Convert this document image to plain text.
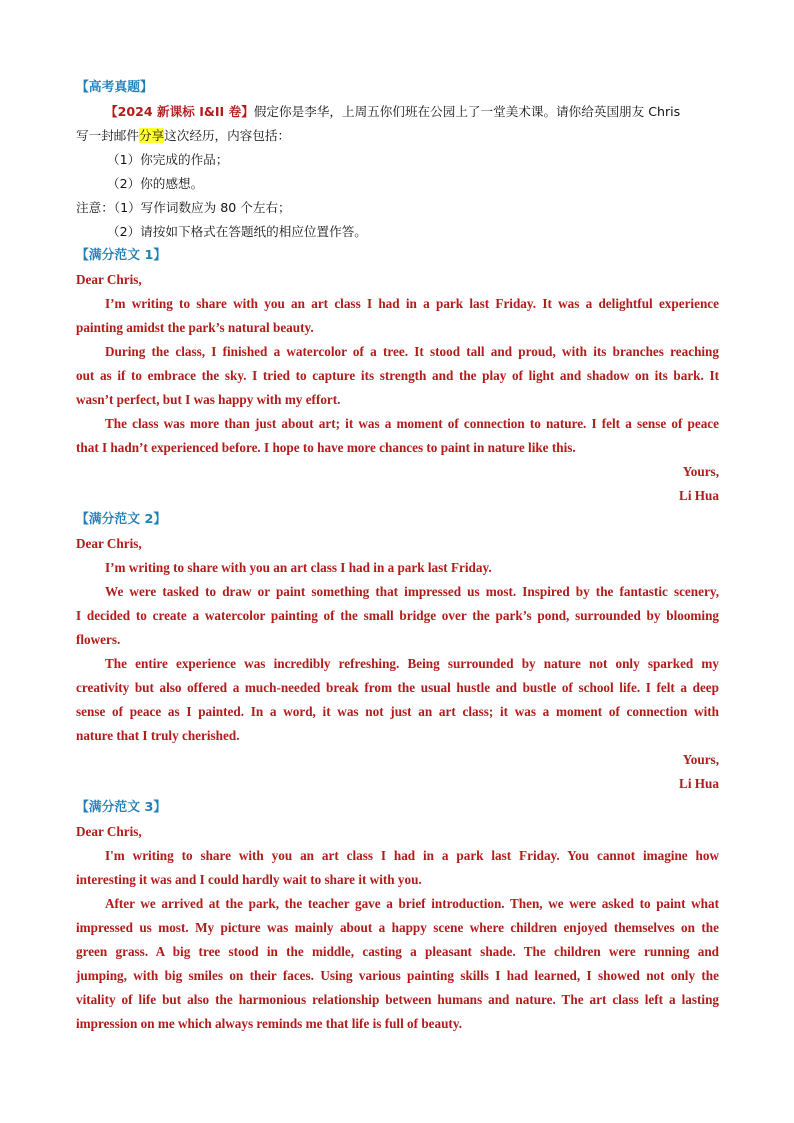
【高考真题】
【2024 新课标 I&II 卷】假定你是李华，上周五你们班在公园上了一堂美术课。请你给英国朋友 Chris
写一封邮件分享这次经历，内容包括：
（1）你完成的作品；
（2）你的感想。
注意：（1）写作词数应为 80 个左右；
（2）请按如下格式在答题纸的相应位置作答。
【满分范文 1】
Dear Chris,
I’m writing to share with you an art class I had in a park last Friday. It was a delightful experience
painting amidst the park’s natural beauty.
During the class, I finished a watercolor of a tree. It stood tall and proud, with its branches reaching
out as if to embrace the sky. I tried to capture its strength and the play of light and shadow on its bark. It
wasn’t perfect, but I was happy with my effort.
The class was more than just about art; it was a moment of connection to nature. I felt a sense of peace
that I hadn’t experienced before. I hope to have more chances to paint in nature like this.
Yours,
Li Hua
【满分范文 2】
Dear Chris,
I’m writing to share with you an art class I had in a park last Friday.
We were tasked to draw or paint something that impressed us most. Inspired by the fantastic scenery,
I decided to create a watercolor painting of the small bridge over the park’s pond, surrounded by blooming
flowers.
The entire experience was incredibly refreshing. Being surrounded by nature not only sparked my
creativity but also offered a much-needed break from the usual hustle and bustle of school life. I felt a deep
sense of peace as I painted. In a word, it was not just an art class; it was a moment of connection with
nature that I truly cherished.
Yours,
Li Hua
【满分范文 3】
Dear Chris,
I'm writing to share with you an art class I had in a park last Friday. You cannot imagine how
interesting it was and I could hardly wait to share it with you.
After we arrived at the park, the teacher gave a brief introduction. Then, we were asked to paint what
impressed us most. My picture was mainly about a happy scene where children enjoyed themselves on the
green grass. A big tree stood in the middle, casting a pleasant shade. The children were running and
jumping, with big smiles on their faces. Using various painting skills I had learned, I showed not only the
vitality of life but also the harmonious relationship between humans and nature. The art class left a lasting
impression on me which always reminds me that life is full of beauty.
